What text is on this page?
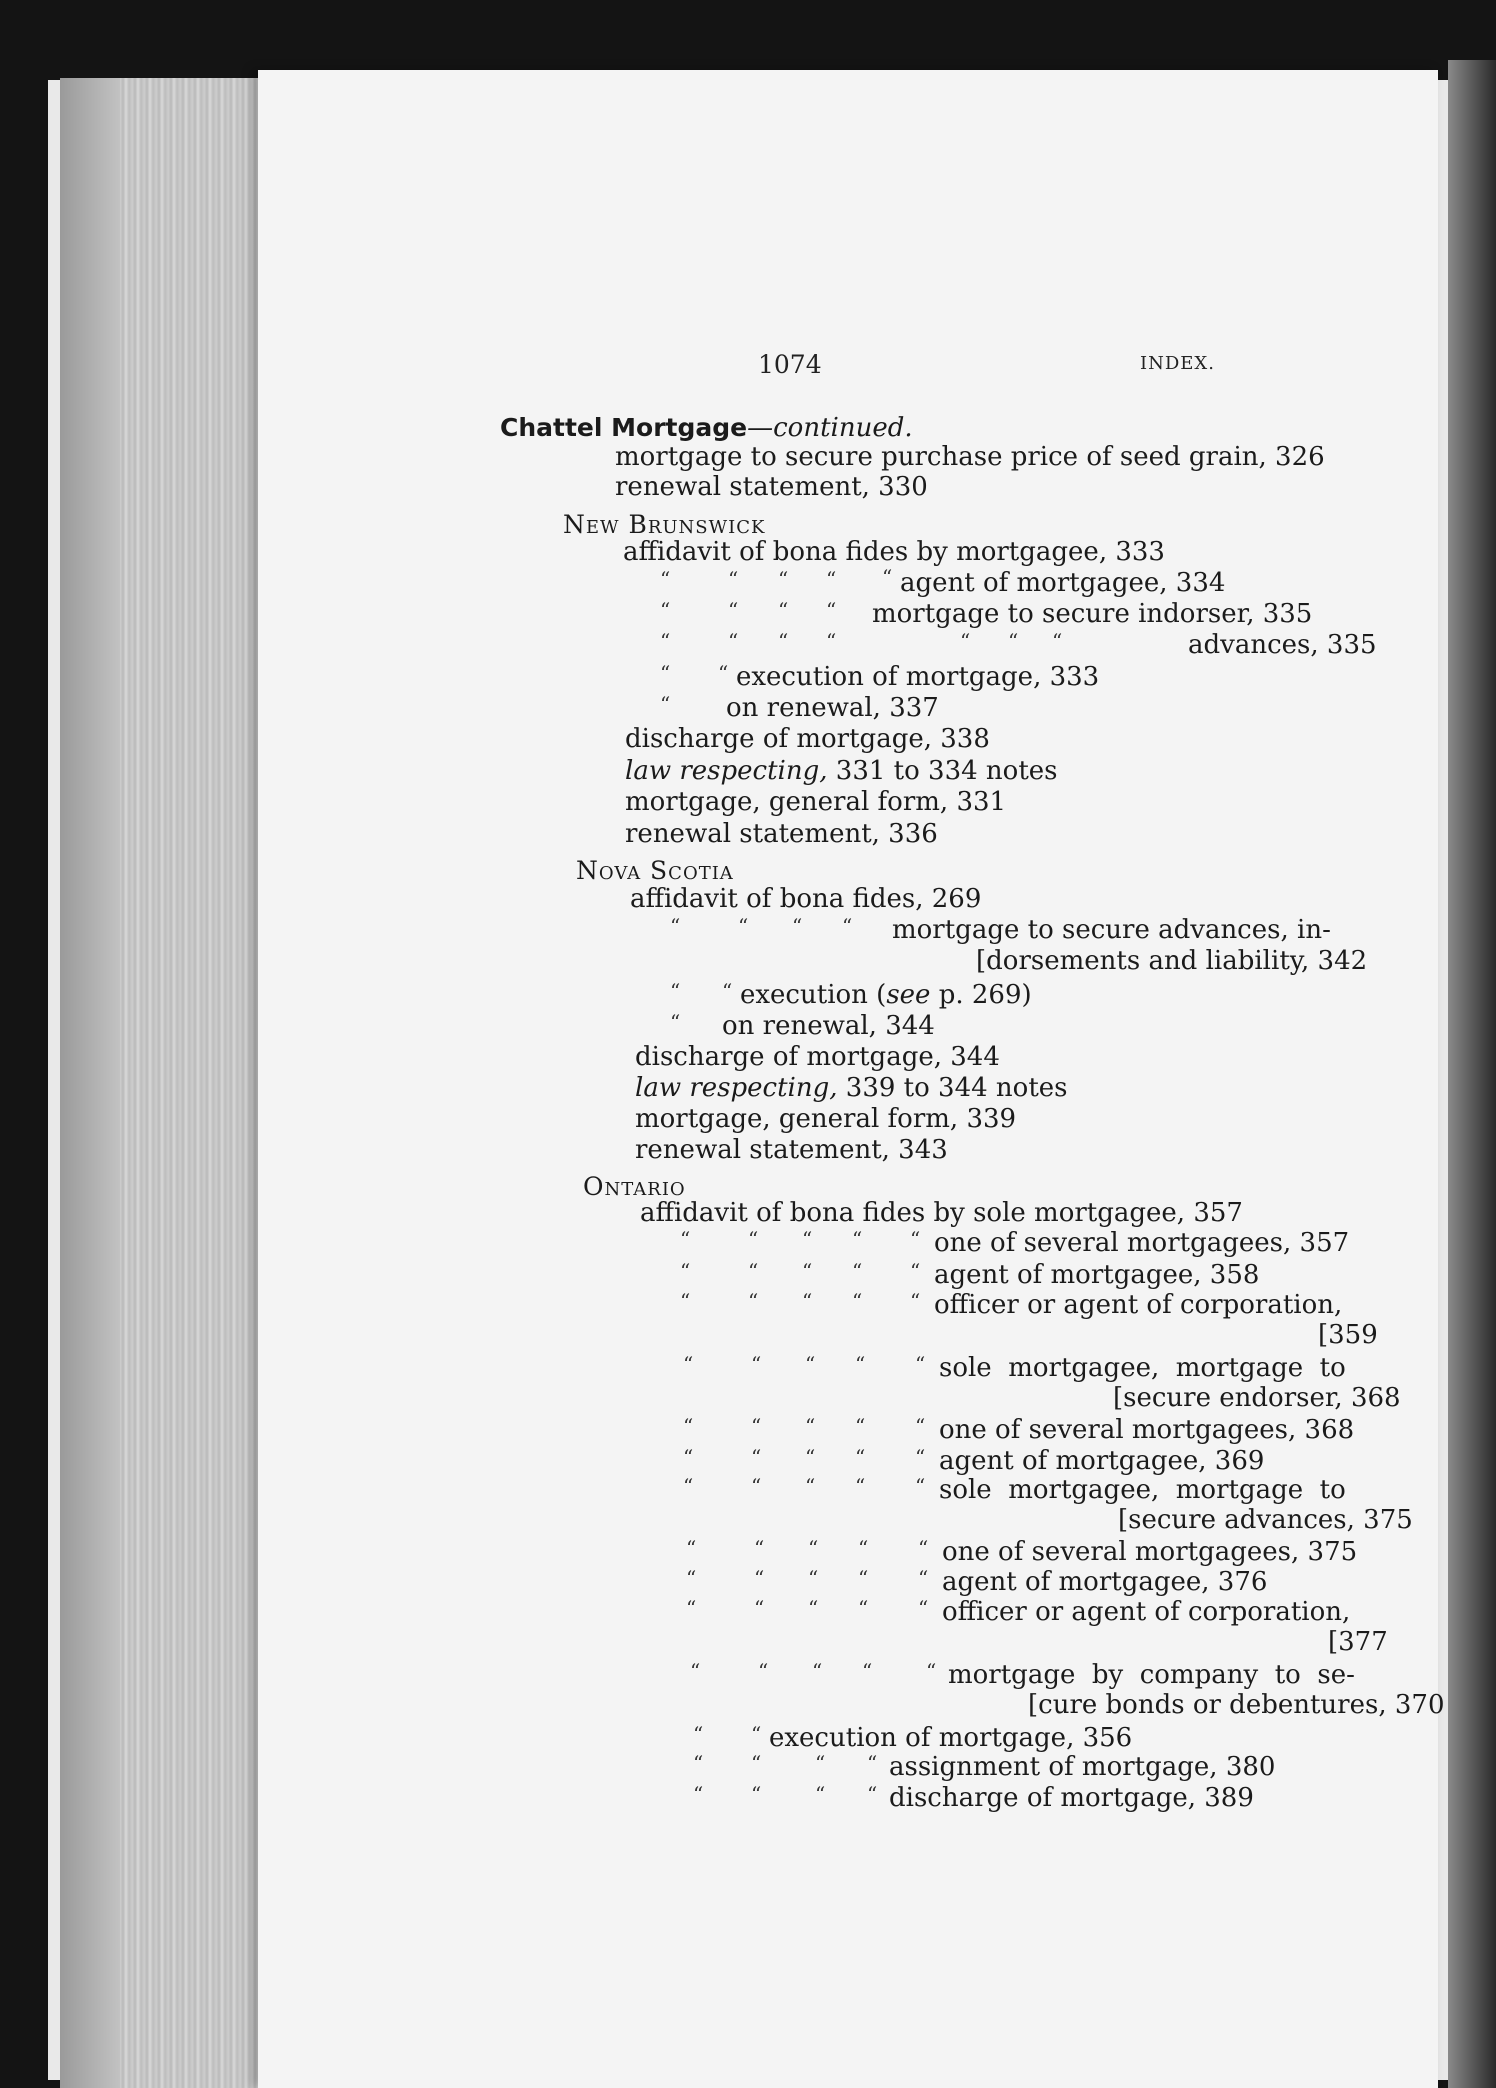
1074	INDEX.
Chattel Mortgage—continued.
mortgage to secure purchase price of seed grain, 326
renewal statement, 330
New Brunswick
affidavit of bona fides by mortgagee, 333
“	“ “ “ “ agent of mortgagee, 334
“	“ “ “ mortgage to secure indorser, 335
“	“ “ “	“ “ “	advances, 335
“ “ execution of mortgage, 333
“ on renewal, 337
discharge of mortgage, 338
law respecting, 331 to 334 notes
mortgage, general form, 331
renewal statement, 336
Nova Scotia
affidavit of bona fides, 269
“	“ “ “ mortgage to secure advances, in-
[dorsements and liability, 342
“ “ execution (see p. 269)
“ on renewal, 344
discharge of mortgage, 344
law respecting, 339 to 344 notes
mortgage, general form, 339
renewal statement, 343
Ontario
affidavit of bona fides by sole mortgagee, 357
“	“ “ “ “ one of several mortgagees, 357
“	“ “ “ “ agent of mortgagee, 358
“	“ “ “ “ officer or agent of corporation,
[359
“	“ “ “ “ sole  mortgagee,  mortgage  to
[secure endorser, 368
“	“ “ “ “ one of several mortgagees, 368
“	“ “ “ “ agent of mortgagee, 369
“	“ “ “ “ sole  mortgagee,  mortgage  to
[secure advances, 375
“	“ “ “ “ one of several mortgagees, 375
“	“ “ “ “ agent of mortgagee, 376
“	“ “ “ “ officer or agent of corporation,
[377
“	“ “ “	“ mortgage  by  company  to  se-
[cure bonds or debentures, 370
“ “ execution of mortgage, 356
“ “	“ “ assignment of mortgage, 380
“ “	“ “ discharge of mortgage, 389
